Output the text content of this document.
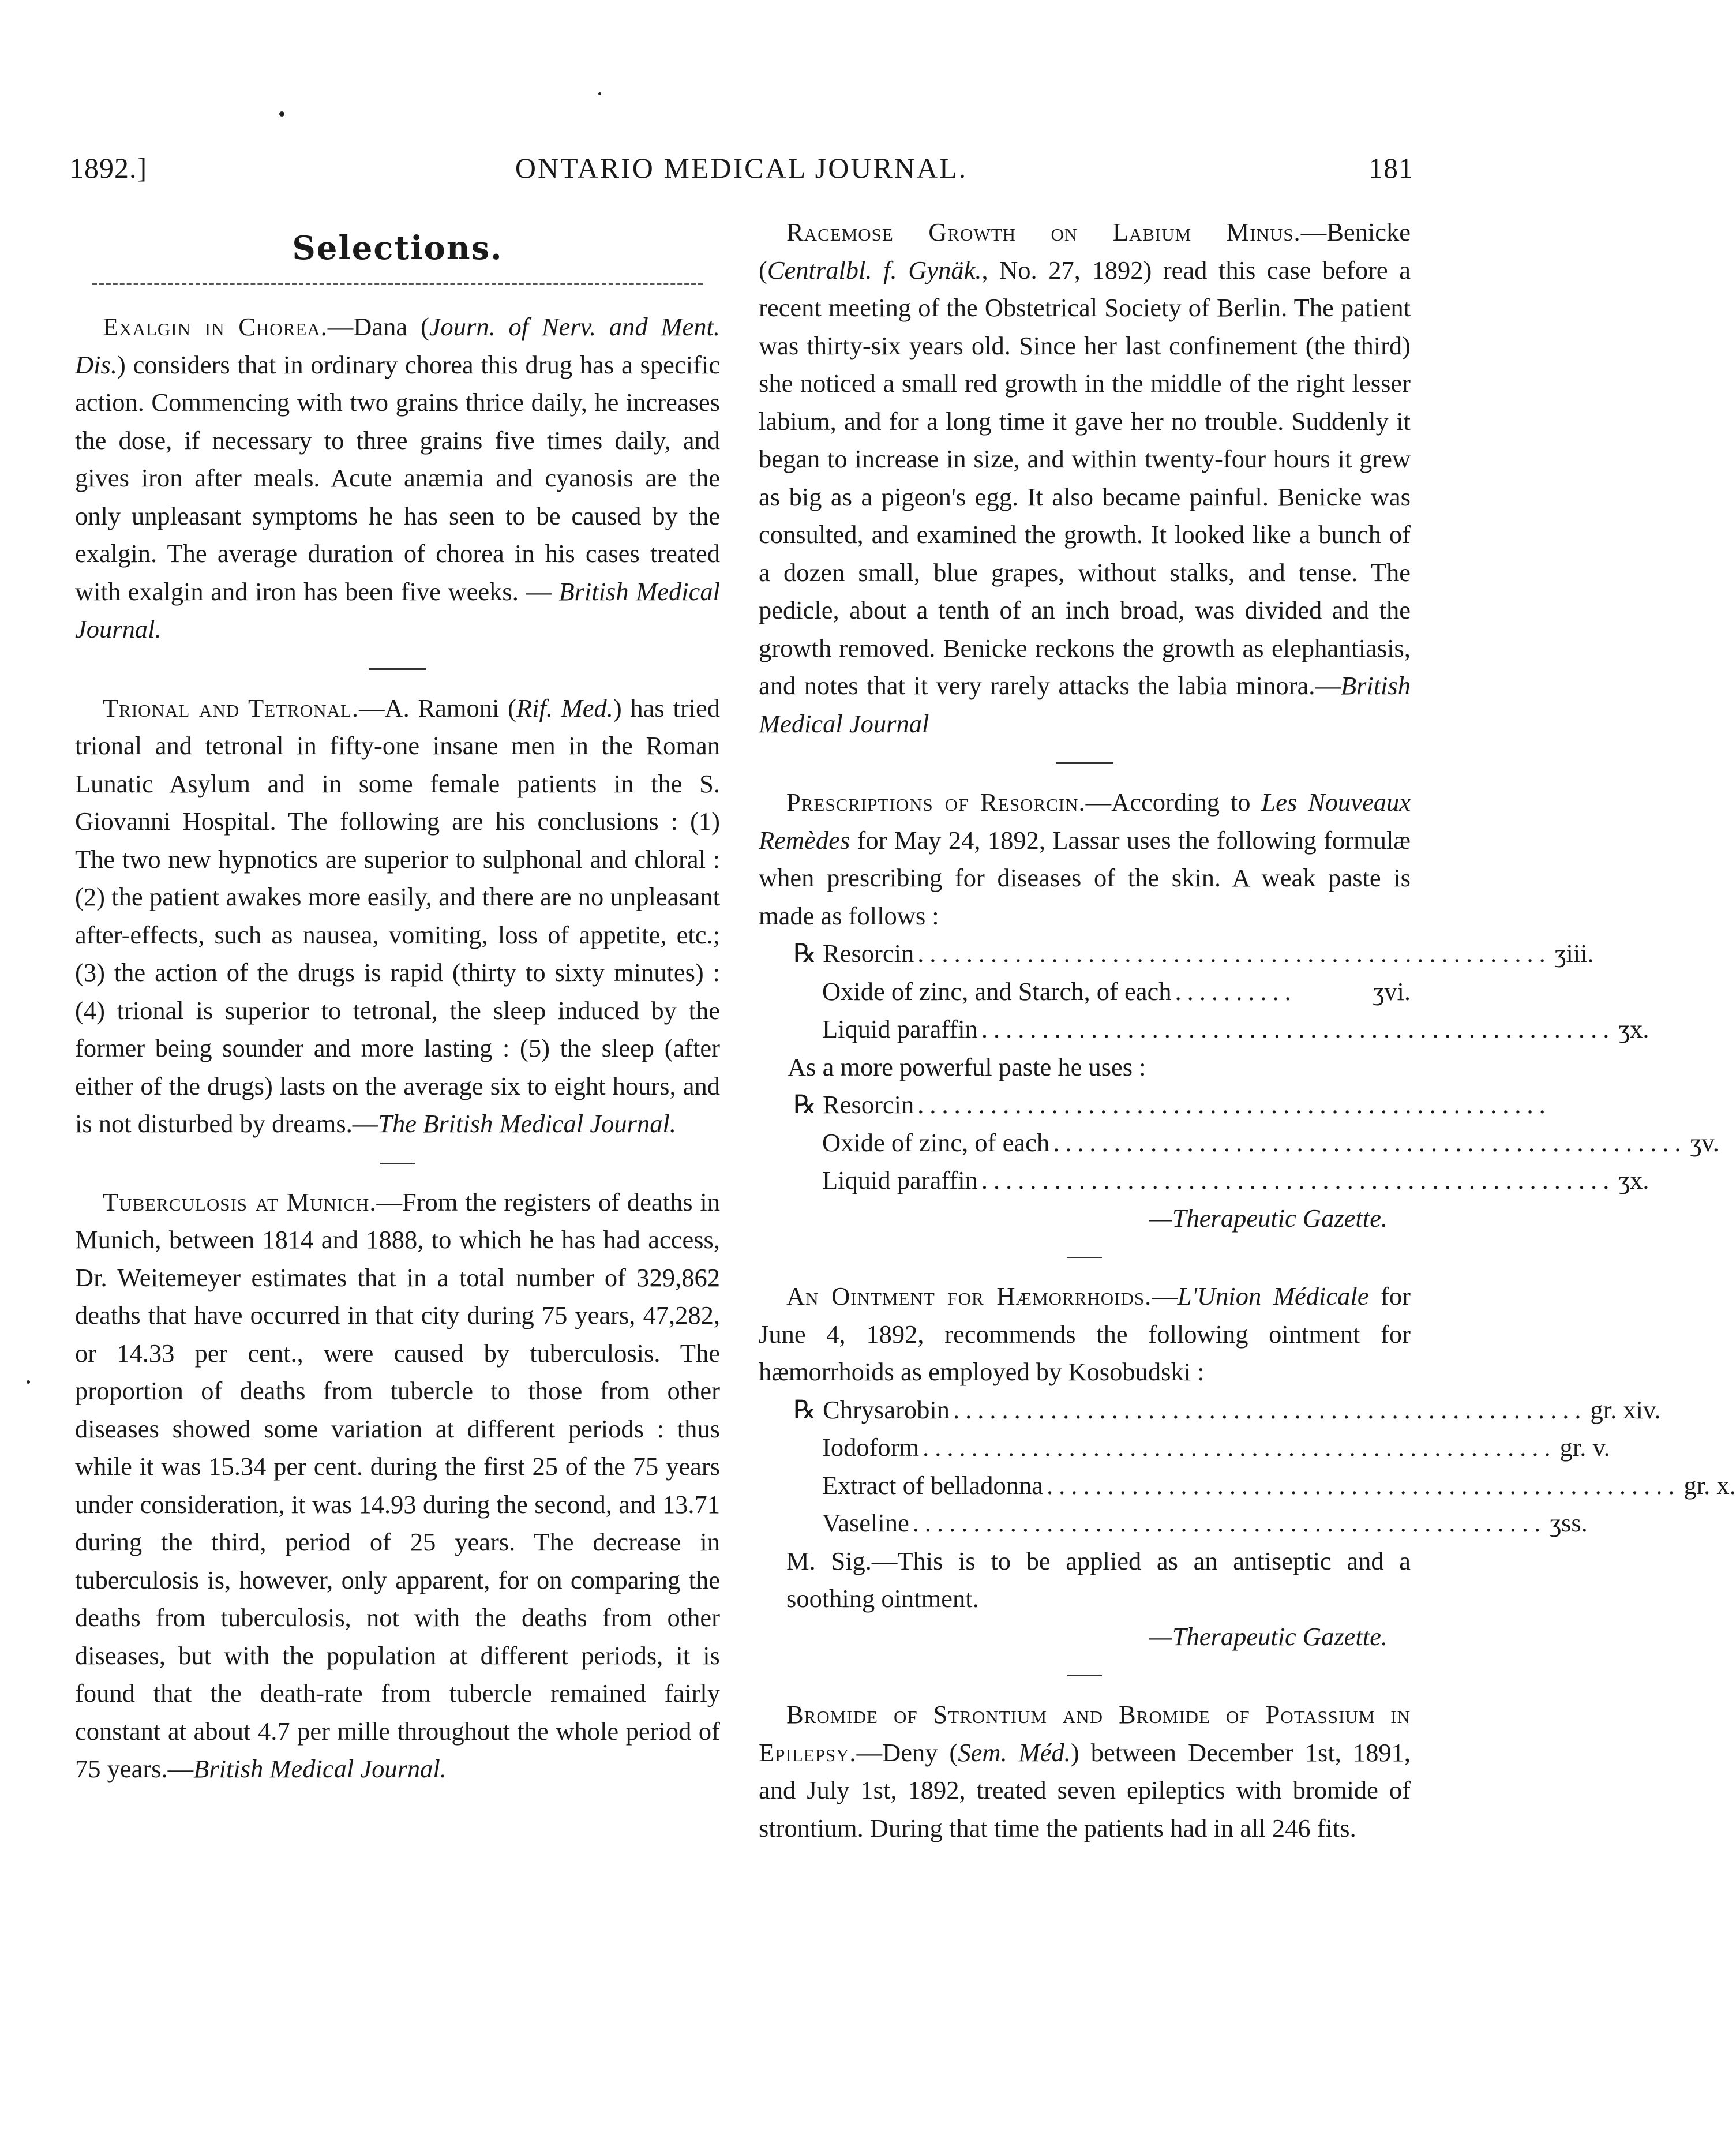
1892.]	ONTARIO MEDICAL JOURNAL.	181
Selections.

Exalgin in Chorea.—Dana (Journ. of Nerv. and Ment. Dis.) considers that in ordinary chorea this drug has a specific action. Commencing with two grains thrice daily, he increases the dose, if necessary to three grains five times daily, and gives iron after meals. Acute anæmia and cyanosis are the only unpleasant symptoms he has seen to be caused by the exalgin. The average duration of chorea in his cases treated with exalgin and iron has been five weeks. — British Medical Journal.

Trional and Tetronal.—A. Ramoni (Rif. Med.) has tried trional and tetronal in fifty-one insane men in the Roman Lunatic Asylum and in some female patients in the S. Giovanni Hospital. The following are his conclusions : (1) The two new hypnotics are superior to sulphonal and chloral : (2) the patient awakes more easily, and there are no unpleasant after-effects, such as nausea, vomiting, loss of appetite, etc.; (3) the action of the drugs is rapid (thirty to sixty minutes) : (4) trional is superior to tetronal, the sleep induced by the former being sounder and more lasting : (5) the sleep (after either of the drugs) lasts on the average six to eight hours, and is not disturbed by dreams.—The British Medical Journal.

Tuberculosis at Munich.—From the registers of deaths in Munich, between 1814 and 1888, to which he has had access, Dr. Weitemeyer estimates that in a total number of 329,862 deaths that have occurred in that city during 75 years, 47,282, or 14.33 per cent., were caused by tuberculosis. The proportion of deaths from tubercle to those from other diseases showed some variation at different periods : thus while it was 15.34 per cent. during the first 25 of the 75 years under consideration, it was 14.93 during the second, and 13.71 during the third, period of 25 years. The decrease in tuberculosis is, however, only apparent, for on comparing the deaths from tuberculosis, not with the deaths from other diseases, but with the population at different periods, it is found that the death-rate from tubercle remained fairly constant at about 4.7 per mille throughout the whole period of 75 years.—British Medical Journal.

Racemose Growth on Labium Minus.—Benicke (Centralbl. f. Gynäk., No. 27, 1892) read this case before a recent meeting of the Obstetrical Society of Berlin. The patient was thirty-six years old. Since her last confinement (the third) she noticed a small red growth in the middle of the right lesser labium, and for a long time it gave her no trouble. Suddenly it began to increase in size, and within twenty-four hours it grew as big as a pigeon's egg. It also became painful. Benicke was consulted, and examined the growth. It looked like a bunch of a dozen small, blue grapes, without stalks, and tense. The pedicle, about a tenth of an inch broad, was divided and the growth removed. Benicke reckons the growth as elephantiasis, and notes that it very rarely attacks the labia minora.—British Medical Journal

Prescriptions of Resorcin.—According to Les Nouveaux Remèdes for May 24, 1892, Lassar uses the following formulæ when prescribing for diseases of the skin. A weak paste is made as follows :

℞ Resorcin .................................................... ʒiii.
Oxide of zinc, and Starch, of each ..........	ʒvi.
Liquid paraffin .................................................... ʒx.
As a more powerful paste he uses :
℞ Resorcin ....................................................
Oxide of zinc, of each .................................................... ʒv.
Liquid paraffin .................................................... ʒx.

—Therapeutic Gazette.

An Ointment for Hæmorrhoids.—L'Union Médicale for June 4, 1892, recommends the following ointment for hæmorrhoids as employed by Kosobudski :

℞ Chrysarobin .................................................... gr. xiv.
Iodoform .................................................... gr. v.
Extract of belladonna .................................................... gr. x.
Vaseline .................................................... ʒss.

M. Sig.—This is to be applied as an antiseptic and a soothing ointment.

—Therapeutic Gazette.

Bromide of Strontium and Bromide of Potassium in Epilepsy.—Deny (Sem. Méd.) between December 1st, 1891, and July 1st, 1892, treated seven epileptics with bromide of strontium. During that time the patients had in all 246 fits.
